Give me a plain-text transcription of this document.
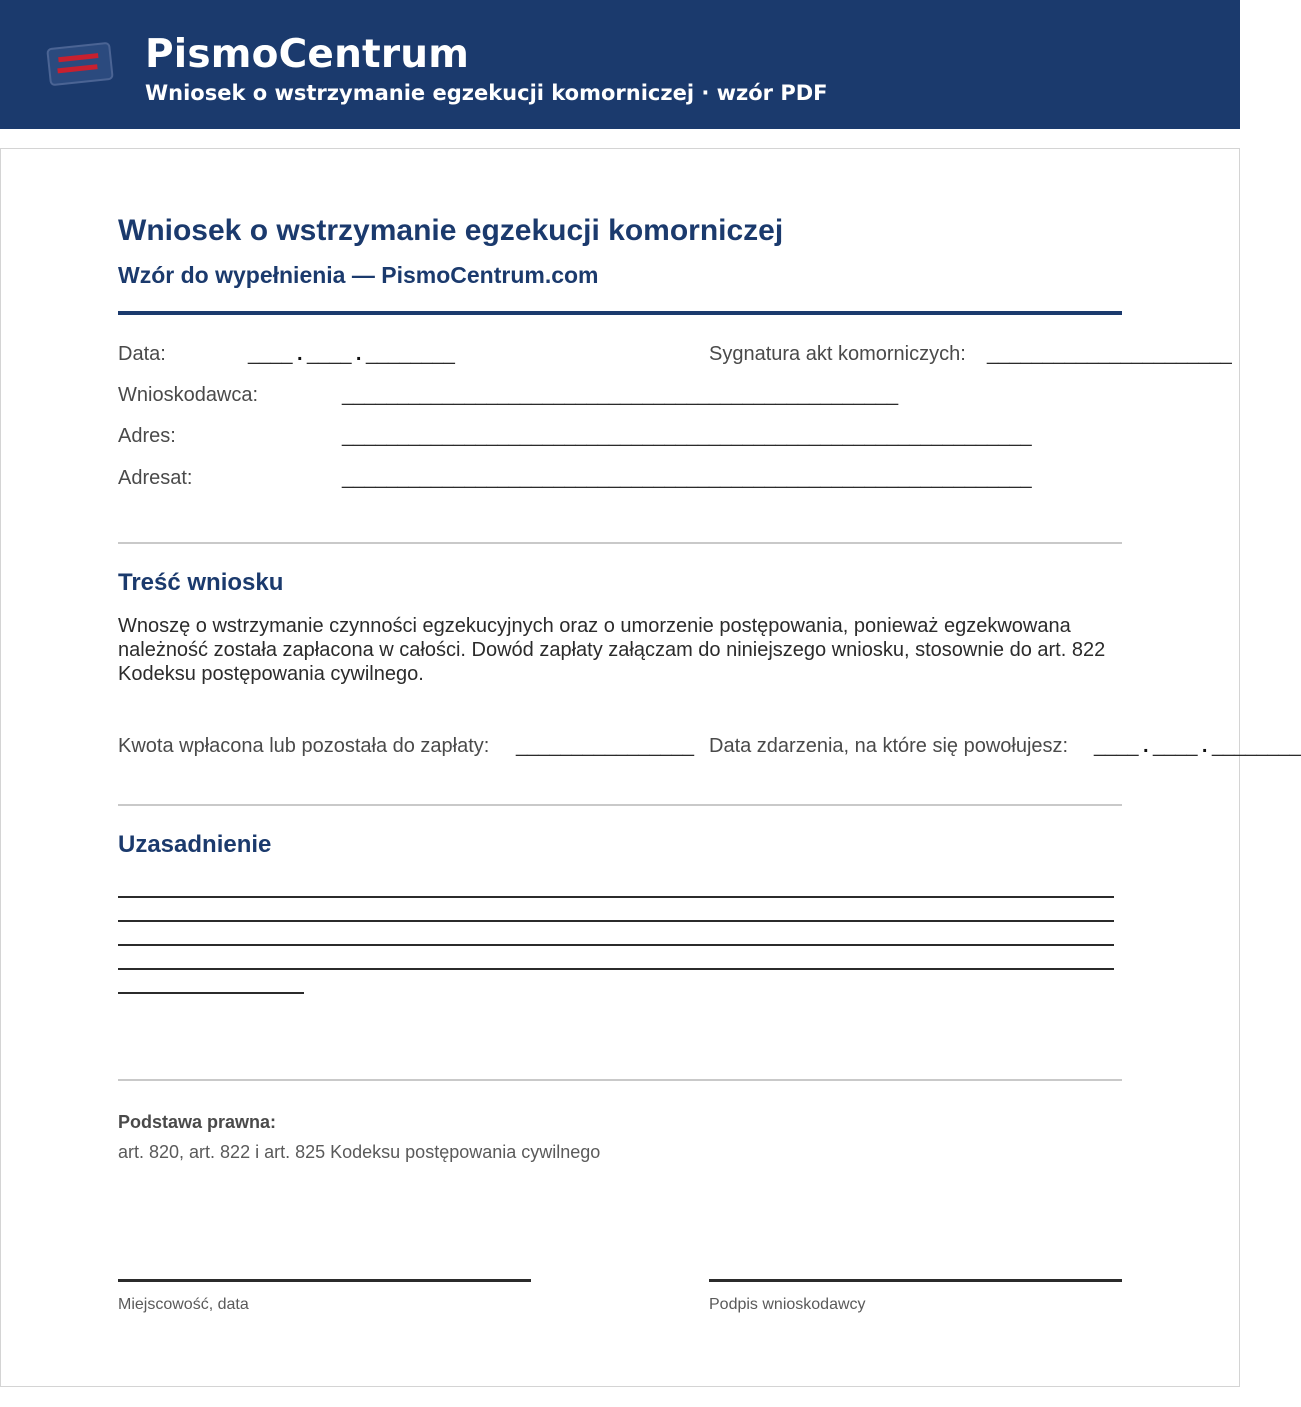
PismoCentrum
Wniosek o wstrzymanie egzekucji komorniczej · wzór PDF
Wniosek o wstrzymanie egzekucji komorniczej
Wzór do wypełnienia — PismoCentrum.com
Data:	____ . ____ . ________	Sygnatura akt komorniczych: ______________________
Wnioskodawca:	__________________________________________________
Adres:	______________________________________________________________
Adresat:	______________________________________________________________
Treść wniosku
Wnoszę o wstrzymanie czynności egzekucyjnych oraz o umorzenie postępowania, ponieważ egzekwowana należność została zapłacona w całości. Dowód zapłaty załączam do niniejszego wniosku, stosownie do art. 822 Kodeksu postępowania cywilnego.
Kwota wpłacona lub pozostała do zapłaty: ________________ Data zdarzenia, na które się powołujesz: ____ . ____ . ________
Uzasadnienie
Podstawa prawna:
art. 820, art. 822 i art. 825 Kodeksu postępowania cywilnego
Miejscowość, data	Podpis wnioskodawcy
